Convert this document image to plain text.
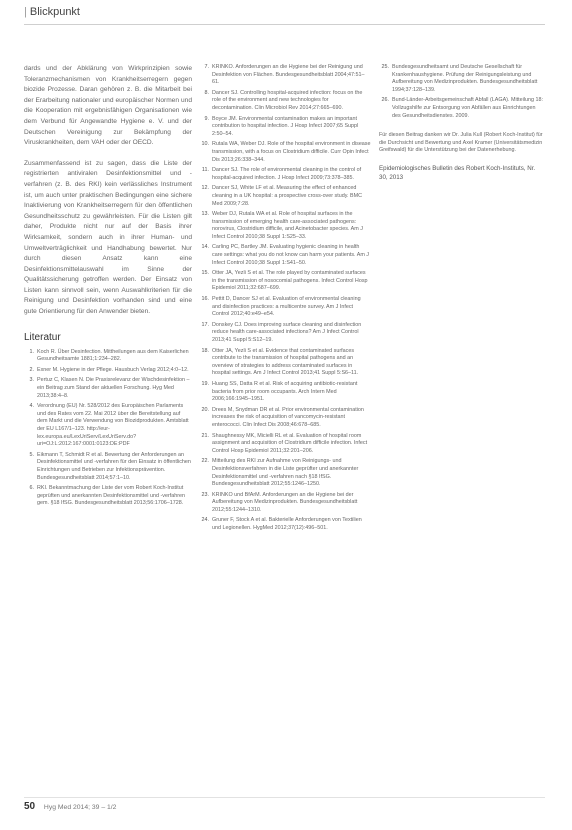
| Blickpunkt

dards und der Abklärung von Wirkprinzipien sowie Toleranzmechanismen von Krankheitserregern gegen biozide Prozesse. Daran gehören z. B. die Mitarbeit bei der Erarbeitung nationaler und europäischer Normen und die Kooperation mit ergebnisfähigen Organisationen wie dem Verbund für Angewandte Hygiene e. V. und der Deutschen Vereinigung zur Bekämpfung der Viruskrankheiten, dem VAH oder der OECD.

Zusammenfassend ist zu sagen, dass die Liste der registrierten antiviralen Desinfektionsmittel und -verfahren (z. B. des RKI) kein verlässliches Instrument ist, um auch unter praktischen Bedingungen eine sichere Inaktivierung von Krankheitserregern für den öffentlichen Gesundheitsschutz zu gewährleisten. Für die Listen gilt daher, Produkte nicht nur auf der Basis ihrer Wirksamkeit, sondern auch in ihrer Human- und Umweltverträglichkeit und Handhabung bewertet. Nur durch diesen Ansatz kann eine Desinfektionsmittelauswahl im Sinne der Qualitätssicherung getroffen werden. Der Einsatz von Listen kann sinnvoll sein, wenn Auswahlkriterien für die Reinigung und Desinfektion vorhanden sind und eine gute Orientierung für den Anwender bieten.

Literatur
1. Koch R. Über Desinfection. Mittheilungen aus dem Kaiserlichen Gesundheitsamte 1881;1:234–282.
2. Exner M. Hygiene in der Pflege. Hausbuch Verlag 2012;4:0–12.
3. Pertuz C, Klasen N. Die Praxisrelevanz der Wischdesinfektion – ein Beitrag zum Stand der aktuellen Forschung. Hyg Med 2013;38:4–8.
4. Verordnung (EU) Nr. 528/2012 des Europäischen Parlaments und des Rates vom 22. Mai 2012 über die Bereitstellung auf dem Markt und die Verwendung von Biozidprodukten. Amtsblatt der EU L167/1–123. http://eur-lex.europa.eu/LexUriServ/LexUriServ.do?uri=OJ:L:2012:167:0001:0123:DE:PDF
5. Eikmann T, Schmidt R et al. Bewertung der Anforderungen an Desinfektionsmittel und -verfahren für den Einsatz in öffentlichen Einrichtungen und Betrieben zur Infektionsprävention. Bundesgesundheitsblatt 2014;57:1–10.
6. RKI. Bekanntmachung der Liste der vom Robert Koch-Institut geprüften und anerkannten Desinfektionsmittel und -verfahren gem. §18 IfSG. Bundesgesundheitsblatt 2013;56:1706–1728.
7. KRINKO. Anforderungen an die Hygiene bei der Reinigung und Desinfektion von Flächen. Bundesgesundheitsblatt 2004;47:51–61.
8. Dancer SJ. Controlling hospital-acquired infection: focus on the role of the environment and new technologies for decontamination. Clin Microbiol Rev 2014;27:665–690.
9. Boyce JM. Environmental contamination makes an important contribution to hospital infection. J Hosp Infect 2007;65 Suppl 2:50–54.
10. Rutala WA, Weber DJ. Role of the hospital environment in disease transmission, with a focus on Clostridium difficile. Curr Opin Infect Dis 2013;26:338–344.
11. Dancer SJ. The role of environmental cleaning in the control of hospital-acquired infection. J Hosp Infect 2009;73:378–385.
12. Dancer SJ, White LF et al. Measuring the effect of enhanced cleaning in a UK hospital: a prospective cross-over study. BMC Med 2009;7:28.
13. Weber DJ, Rutala WA et al. Role of hospital surfaces in the transmission of emerging health care-associated pathogens: norovirus, Clostridium difficile, and Acinetobacter species. Am J Infect Control 2010;38 Suppl 1:S25–33.
14. Carling PC, Bartley JM. Evaluating hygienic cleaning in health care settings: what you do not know can harm your patients. Am J Infect Control 2010;38 Suppl 1:S41–50.
15. Otter JA, Yezli S et al. The role played by contaminated surfaces in the transmission of nosocomial pathogens. Infect Control Hosp Epidemiol 2011;32:687–699.
16. Pettit D, Dancer SJ et al. Evaluation of environmental cleaning and disinfection practices: a multicentre survey. Am J Infect Control 2012;40:e49–e54.
17. Donskey CJ. Does improving surface cleaning and disinfection reduce health care-associated infections? Am J Infect Control 2013;41 Suppl 5:S12–19.
18. Otter JA, Yezli S et al. Evidence that contaminated surfaces contribute to the transmission of hospital pathogens and an overview of strategies to address contaminated surfaces in hospital settings. Am J Infect Control 2013;41 Suppl 5:S6–11.
19. Huang SS, Datta R et al. Risk of acquiring antibiotic-resistant bacteria from prior room occupants. Arch Intern Med 2006;166:1945–1951.
20. Drees M, Snydman DR et al. Prior environmental contamination increases the risk of acquisition of vancomycin-resistant enterococci. Clin Infect Dis 2008;46:678–685.
21. Shaughnessy MK, Micielli RL et al. Evaluation of hospital room assignment and acquisition of Clostridium difficile infection. Infect Control Hosp Epidemiol 2011;32:201–206.
22. Mitteilung des RKI zur Aufnahme von Reinigungs- und Desinfektionsverfahren in die Liste geprüfter und anerkannter Desinfektionsmittel und -verfahren nach §18 IfSG. Bundesgesundheitsblatt 2012;55:1246–1250.
23. KRINKO und BfArM. Anforderungen an die Hygiene bei der Aufbereitung von Medizinprodukten. Bundesgesundheitsblatt 2012;55:1244–1310.
24. Gruner F, Stock A et al. Bakterielle Anforderungen von Textilien und Legionellen. HygMed 2012;37(12):496–501.
25. Bundesgesundheitsamt und Deutsche Gesellschaft für Krankenhaushygiene. Prüfung der Reinigungsleistung und Aufbereitung von Medizinprodukten. Bundesgesundheitsblatt 1994;37:128–139.
26. Bund-Länder-Arbeitsgemeinschaft Abfall (LAGA). Mitteilung 18: Vollzugshilfe zur Entsorgung von Abfällen aus Einrichtungen des Gesundheitsdienstes. 2009.
Für diesen Beitrag danken wir Dr. Julia Kull (Robert Koch-Institut) für die Durchsicht und Bewertung und Axel Kramer (Universitätsmedizin Greifswald) für die Unterstützung bei der Datenerhebung.
Epidemiologisches Bulletin des Robert Koch-Instituts, Nr. 30, 2013
50 Hyg Med 2014; 39 – 1/2
